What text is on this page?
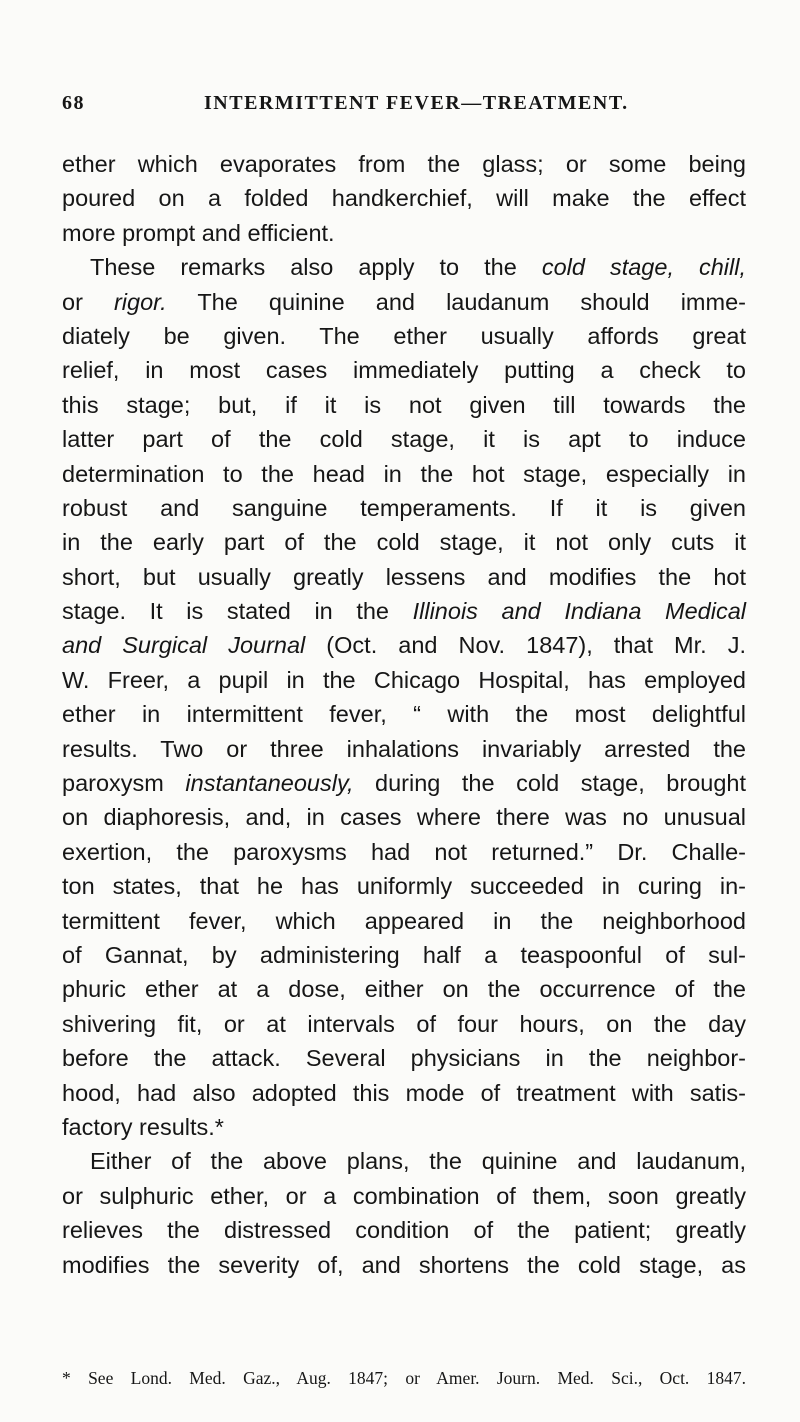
68	INTERMITTENT FEVER—TREATMENT.
ether which evaporates from the glass; or some being
poured on a folded handkerchief, will make the effect
more prompt and efficient.
These remarks also apply to the cold stage, chill,
or rigor. The quinine and laudanum should imme-
diately be given. The ether usually affords great
relief, in most cases immediately putting a check to
this stage; but, if it is not given till towards the
latter part of the cold stage, it is apt to induce
determination to the head in the hot stage, especially in
robust and sanguine temperaments. If it is given
in the early part of the cold stage, it not only cuts it
short, but usually greatly lessens and modifies the hot
stage. It is stated in the Illinois and Indiana Medical
and Surgical Journal (Oct. and Nov. 1847), that Mr. J.
W. Freer, a pupil in the Chicago Hospital, has employed
ether in intermittent fever, “ with the most delightful
results. Two or three inhalations invariably arrested the
paroxysm instantaneously, during the cold stage, brought
on diaphoresis, and, in cases where there was no unusual
exertion, the paroxysms had not returned.” Dr. Challe-
ton states, that he has uniformly succeeded in curing in-
termittent fever, which appeared in the neighborhood
of Gannat, by administering half a teaspoonful of sul-
phuric ether at a dose, either on the occurrence of the
shivering fit, or at intervals of four hours, on the day
before the attack. Several physicians in the neighbor-
hood, had also adopted this mode of treatment with satis-
factory results.*
Either of the above plans, the quinine and laudanum,
or sulphuric ether, or a combination of them, soon greatly
relieves the distressed condition of the patient; greatly
modifies the severity of, and shortens the cold stage, as
* See Lond. Med. Gaz., Aug. 1847; or Amer. Journ. Med. Sci., Oct. 1847.
